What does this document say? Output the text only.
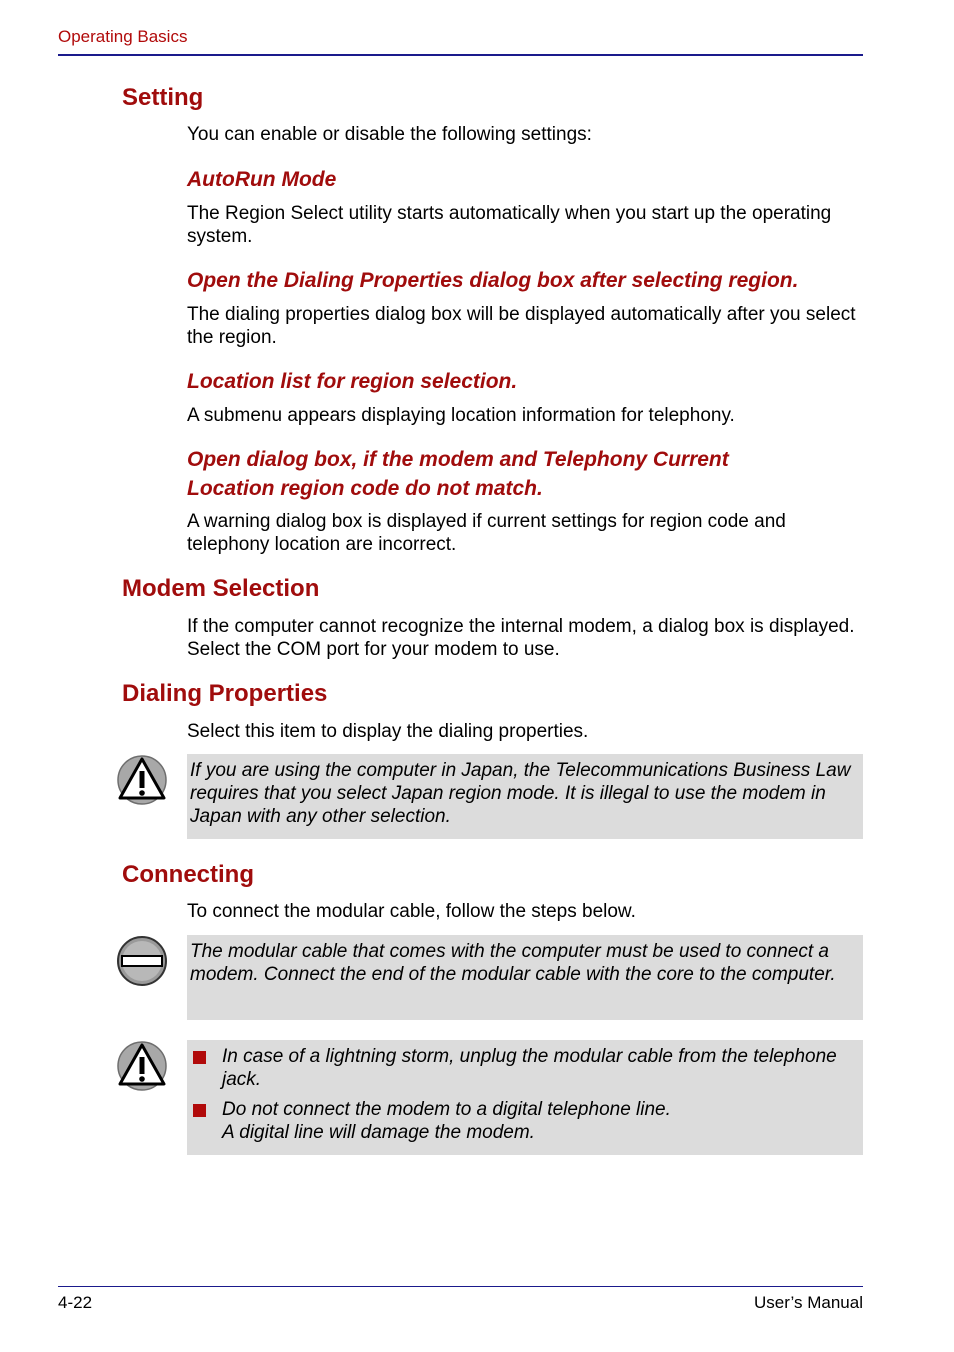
Operating Basics
Setting

You can enable or disable the following settings:

AutoRun Mode

The Region Select utility starts automatically when you start up the operating system.

Open the Dialing Properties dialog box after selecting region.

The dialing properties dialog box will be displayed automatically after you select the region.

Location list for region selection.

A submenu appears displaying location information for telephony.

Open dialog box, if the modem and Telephony Current
Location region code do not match.

A warning dialog box is displayed if current settings for region code and telephony location are incorrect.

Modem Selection

If the computer cannot recognize the internal modem, a dialog box is displayed. Select the COM port for your modem to use.

Dialing Properties

Select this item to display the dialing properties.

If you are using the computer in Japan, the Telecommunications Business Law requires that you select Japan region mode. It is illegal to use the modem in Japan with any other selection.

Connecting

To connect the modular cable, follow the steps below.

The modular cable that comes with the computer must be used to connect a modem. Connect the end of the modular cable with the core to the computer.

In case of a lightning storm, unplug the modular cable from the telephone jack.
Do not connect the modem to a digital telephone line.
A digital line will damage the modem.
4-22	User’s Manual
